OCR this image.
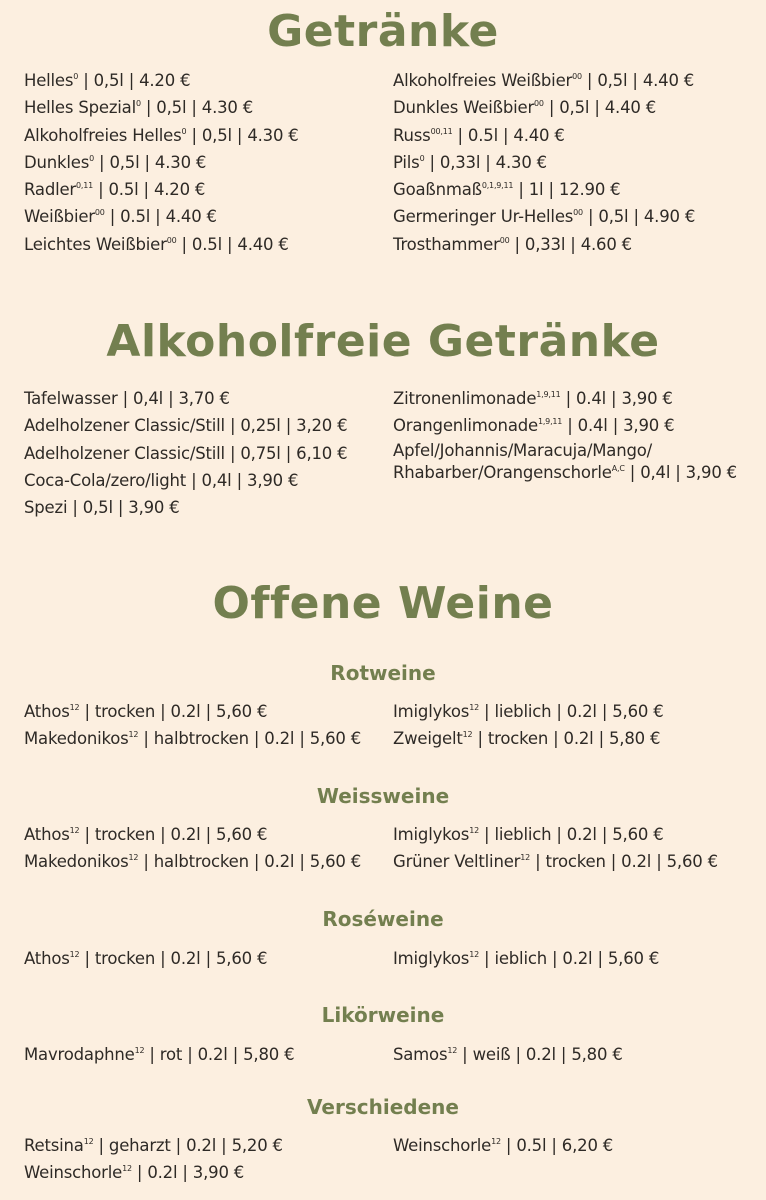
Getränke
Helles$^0$ | 0,5l | 4.20 €
Helles Spezial$^0$ | 0,5l | 4.30 €
Alkoholfreies Helles$^0$ | 0,5l | 4.30 €
Dunkles$^0$ | 0,5l | 4.30 €
Radler$^{0,11}$ | 0.5l | 4.20 €
Weißbier$^{00}$ | 0.5l | 4.40 €
Leichtes Weißbier$^{00}$ | 0.5l | 4.40 €
Alkoholfreies Weißbier$^{00}$ | 0,5l | 4.40 €
Dunkles Weißbier$^{00}$ | 0,5l | 4.40 €
Russ$^{00,11}$ | 0.5l | 4.40 €
Pils$^0$ | 0,33l | 4.30 €
Goaßnmaß$^{0,1,9,11}$ | 1l | 12.90 €
Germeringer Ur-Helles$^{00}$ | 0,5l | 4.90 €
Trosthammer$^{00}$ | 0,33l | 4.60 €
Alkoholfreie Getränke
Tafelwasser | 0,4l | 3,70 €
Adelholzener Classic/Still | 0,25l | 3,20 €
Adelholzener Classic/Still | 0,75l | 6,10 €
Coca-Cola/zero/light | 0,4l | 3,90 €
Spezi | 0,5l | 3,90 €
Zitronenlimonade$^{1,9,11}$ | 0.4l | 3,90 €
Orangenlimonade$^{1,9,11}$ | 0.4l | 3,90 €
Apfel/Johannis/Maracuja/Mango/ Rhabarber/Orangenschorle$^{A,C}$ | 0,4l | 3,90 €
Offene Weine
Rotweine
Athos$^{12}$ | trocken | 0.2l | 5,60 €
Makedonikos$^{12}$ | halbtrocken | 0.2l | 5,60 €
Imiglykos$^{12}$ | lieblich | 0.2l | 5,60 €
Zweigelt$^{12}$ | trocken | 0.2l | 5,80 €
Weissweine
Athos$^{12}$ | trocken | 0.2l | 5,60 €
Makedonikos$^{12}$ | halbtrocken | 0.2l | 5,60 €
Imiglykos$^{12}$ | lieblich | 0.2l | 5,60 €
Grüner Veltliner$^{12}$ | trocken | 0.2l | 5,60 €
Roséweine
Athos$^{12}$ | trocken | 0.2l | 5,60 €	Imiglykos$^{12}$ | ieblich | 0.2l | 5,60 €
Likörweine
Mavrodaphne$^{12}$ | rot | 0.2l | 5,80 €	Samos$^{12}$ | weiß | 0.2l | 5,80 €
Verschiedene
Retsina$^{12}$ | geharzt | 0.2l | 5,20 €
Weinschorle$^{12}$ | 0.2l | 3,90 €
Weinschorle$^{12}$ | 0.5l | 6,20 €
